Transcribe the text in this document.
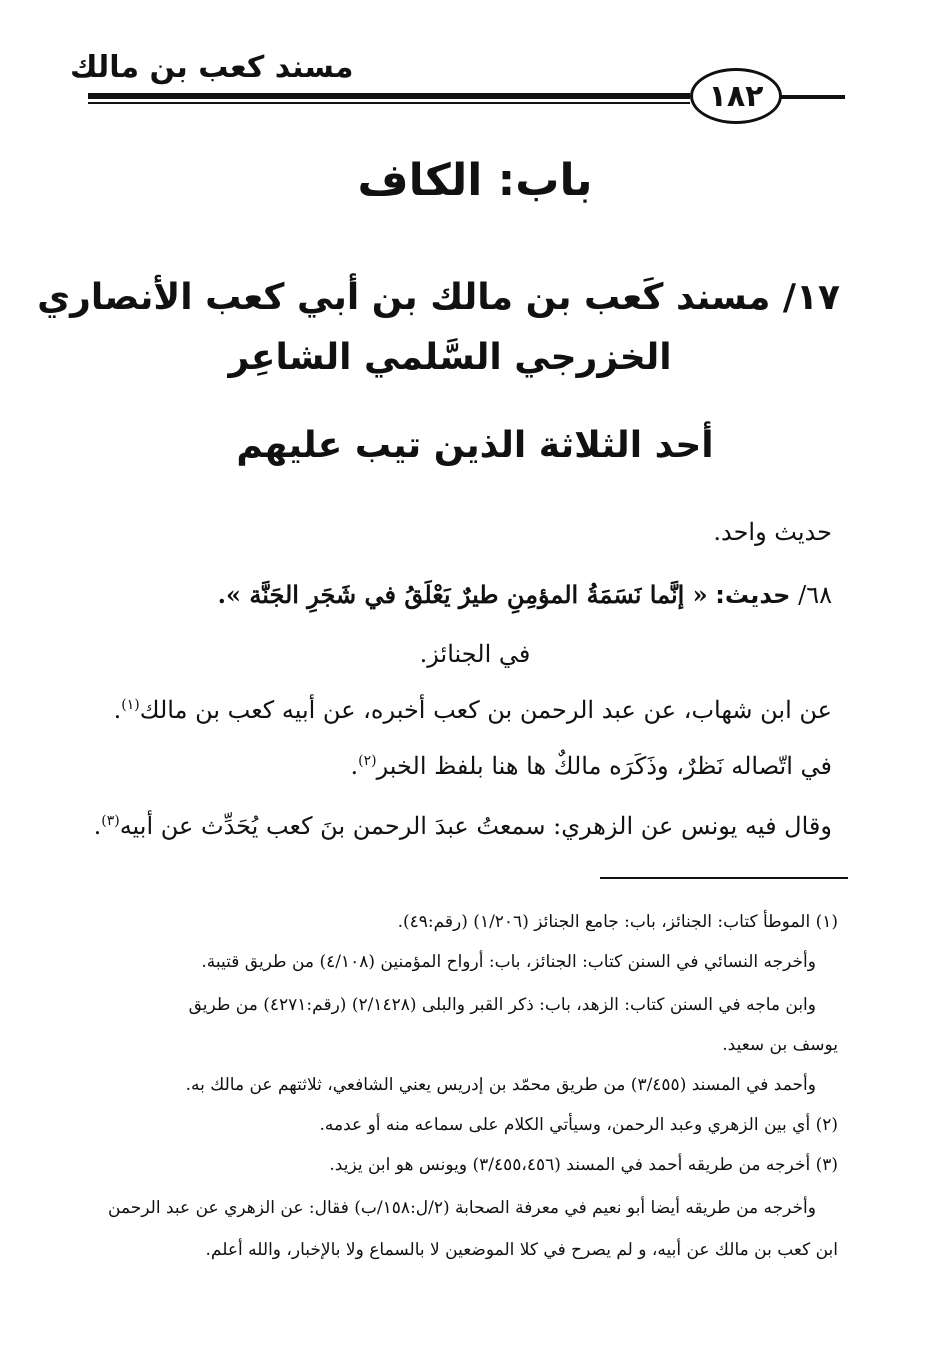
مسند كعب بن مالك
١٨٢
باب: الكاف
١٧/ مسند كَعب بن مالك بن أبي كعب الأنصاري
الخزرجي السَّلمي الشاعِر
أحد الثلاثة الذين تيب عليهم
حديث واحد.
٦٨/ حديث: « إنَّما نَسَمَةُ المؤمِنِ طيرٌ يَعْلَقُ في شَجَرِ الجَنَّة ».
عن ابن شهاب، عن عبد الرحمن بن كعب أخبره، عن أبيه كعب بن مالك$^{(١)}$.
في اتّصاله نَظرٌ، وذَكَرَه مالكٌ ها هنا بلفظ الخبر$^{(٢)}$.
وقال فيه يونس عن الزهري: سمعتُ عبدَ الرحمن بنَ كعب يُحَدِّث عن أبيه$^{(٣)}$.
في الجنائز.
(١) الموطأ كتاب: الجنائز، باب: جامع الجنائز (١/٢٠٦) (رقم:٤٩).
وأخرجه النسائي في السنن كتاب: الجنائز، باب: أرواح المؤمنين (٤/١٠٨) من طريق قتيبة.
وابن ماجه في السنن كتاب: الزهد، باب: ذكر القبر والبلى (٢/١٤٢٨) (رقم:٤٢٧١) من طريق
يوسف بن سعيد.
وأحمد في المسند (٣/٤٥٥) من طريق محمّد بن إدريس يعني الشافعي، ثلاثتهم عن مالك به.
(٢) أي بين الزهري وعبد الرحمن، وسيأتي الكلام على سماعه منه أو عدمه.
(٣) أخرجه من طريقه أحمد في المسند (٣/٤٥٥،٤٥٦) ويونس هو ابن يزيد.
وأخرجه من طريقه أيضا أبو نعيم في معرفة الصحابة (٢/ل:١٥٨/ب) فقال: عن الزهري عن عبد الرحمن
ابن كعب بن مالك عن أبيه، و لم يصرح في كلا الموضعين لا بالسماع ولا بالإخبار، والله أعلم.
